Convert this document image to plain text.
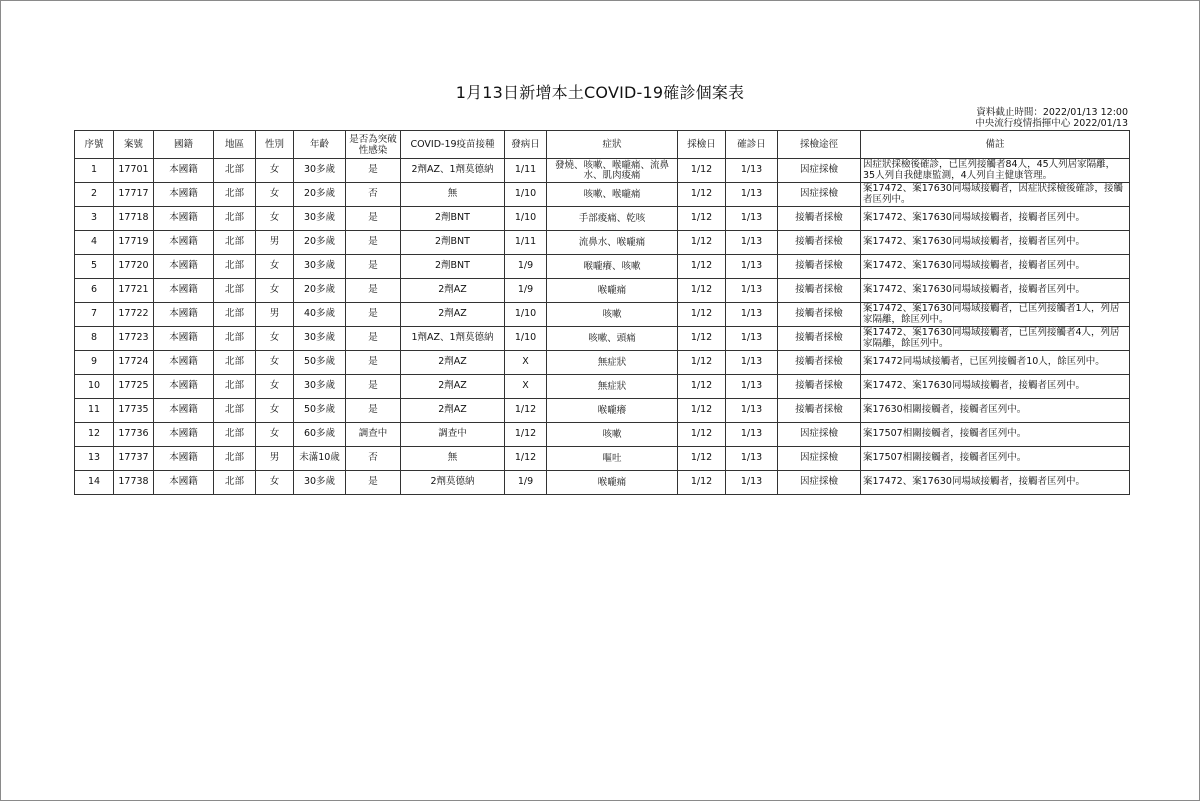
1月13日新增本土COVID-19確診個案表
資料截止時間：2022/01/13 12:00
中央流行疫情指揮中心 2022/01/13
序號	案號	國籍	地區	性別	年齡	是否為突破性感染	COVID-19疫苗接種	發病日	症狀	採檢日	確診日	採檢途徑	備註
1	17701	本國籍	北部	女	30多歲	是	2劑AZ、1劑莫德納	1/11	發燒、咳嗽、喉嚨痛、流鼻水、肌肉痠痛	1/12	1/13	因症採檢	因症狀採檢後確診，已匡列接觸者84人，45人列居家隔離，35人列自我健康監測，4人列自主健康管理。
2	17717	本國籍	北部	女	20多歲	否	無	1/10	咳嗽、喉嚨痛	1/12	1/13	因症採檢	案17472、案17630同場域接觸者，因症狀採檢後確診，接觸者匡列中。
3	17718	本國籍	北部	女	30多歲	是	2劑BNT	1/10	手部痠痛、乾咳	1/12	1/13	接觸者採檢	案17472、案17630同場域接觸者，接觸者匡列中。
4	17719	本國籍	北部	男	20多歲	是	2劑BNT	1/11	流鼻水、喉嚨痛	1/12	1/13	接觸者採檢	案17472、案17630同場域接觸者，接觸者匡列中。
5	17720	本國籍	北部	女	30多歲	是	2劑BNT	1/9	喉嚨癢、咳嗽	1/12	1/13	接觸者採檢	案17472、案17630同場域接觸者，接觸者匡列中。
6	17721	本國籍	北部	女	20多歲	是	2劑AZ	1/9	喉嚨痛	1/12	1/13	接觸者採檢	案17472、案17630同場域接觸者，接觸者匡列中。
7	17722	本國籍	北部	男	40多歲	是	2劑AZ	1/10	咳嗽	1/12	1/13	接觸者採檢	案17472、案17630同場域接觸者，已匡列接觸者1人，列居家隔離，餘匡列中。
8	17723	本國籍	北部	女	30多歲	是	1劑AZ、1劑莫德納	1/10	咳嗽、頭痛	1/12	1/13	接觸者採檢	案17472、案17630同場域接觸者，已匡列接觸者4人，列居家隔離，餘匡列中。
9	17724	本國籍	北部	女	50多歲	是	2劑AZ	X	無症狀	1/12	1/13	接觸者採檢	案17472同場域接觸者，已匡列接觸者10人，餘匡列中。
10	17725	本國籍	北部	女	30多歲	是	2劑AZ	X	無症狀	1/12	1/13	接觸者採檢	案17472、案17630同場域接觸者，接觸者匡列中。
11	17735	本國籍	北部	女	50多歲	是	2劑AZ	1/12	喉嚨癢	1/12	1/13	接觸者採檢	案17630相關接觸者，接觸者匡列中。
12	17736	本國籍	北部	女	60多歲	調查中	調查中	1/12	咳嗽	1/12	1/13	因症採檢	案17507相關接觸者，接觸者匡列中。
13	17737	本國籍	北部	男	未滿10歲	否	無	1/12	嘔吐	1/12	1/13	因症採檢	案17507相關接觸者，接觸者匡列中。
14	17738	本國籍	北部	女	30多歲	是	2劑莫德納	1/9	喉嚨痛	1/12	1/13	因症採檢	案17472、案17630同場域接觸者，接觸者匡列中。
